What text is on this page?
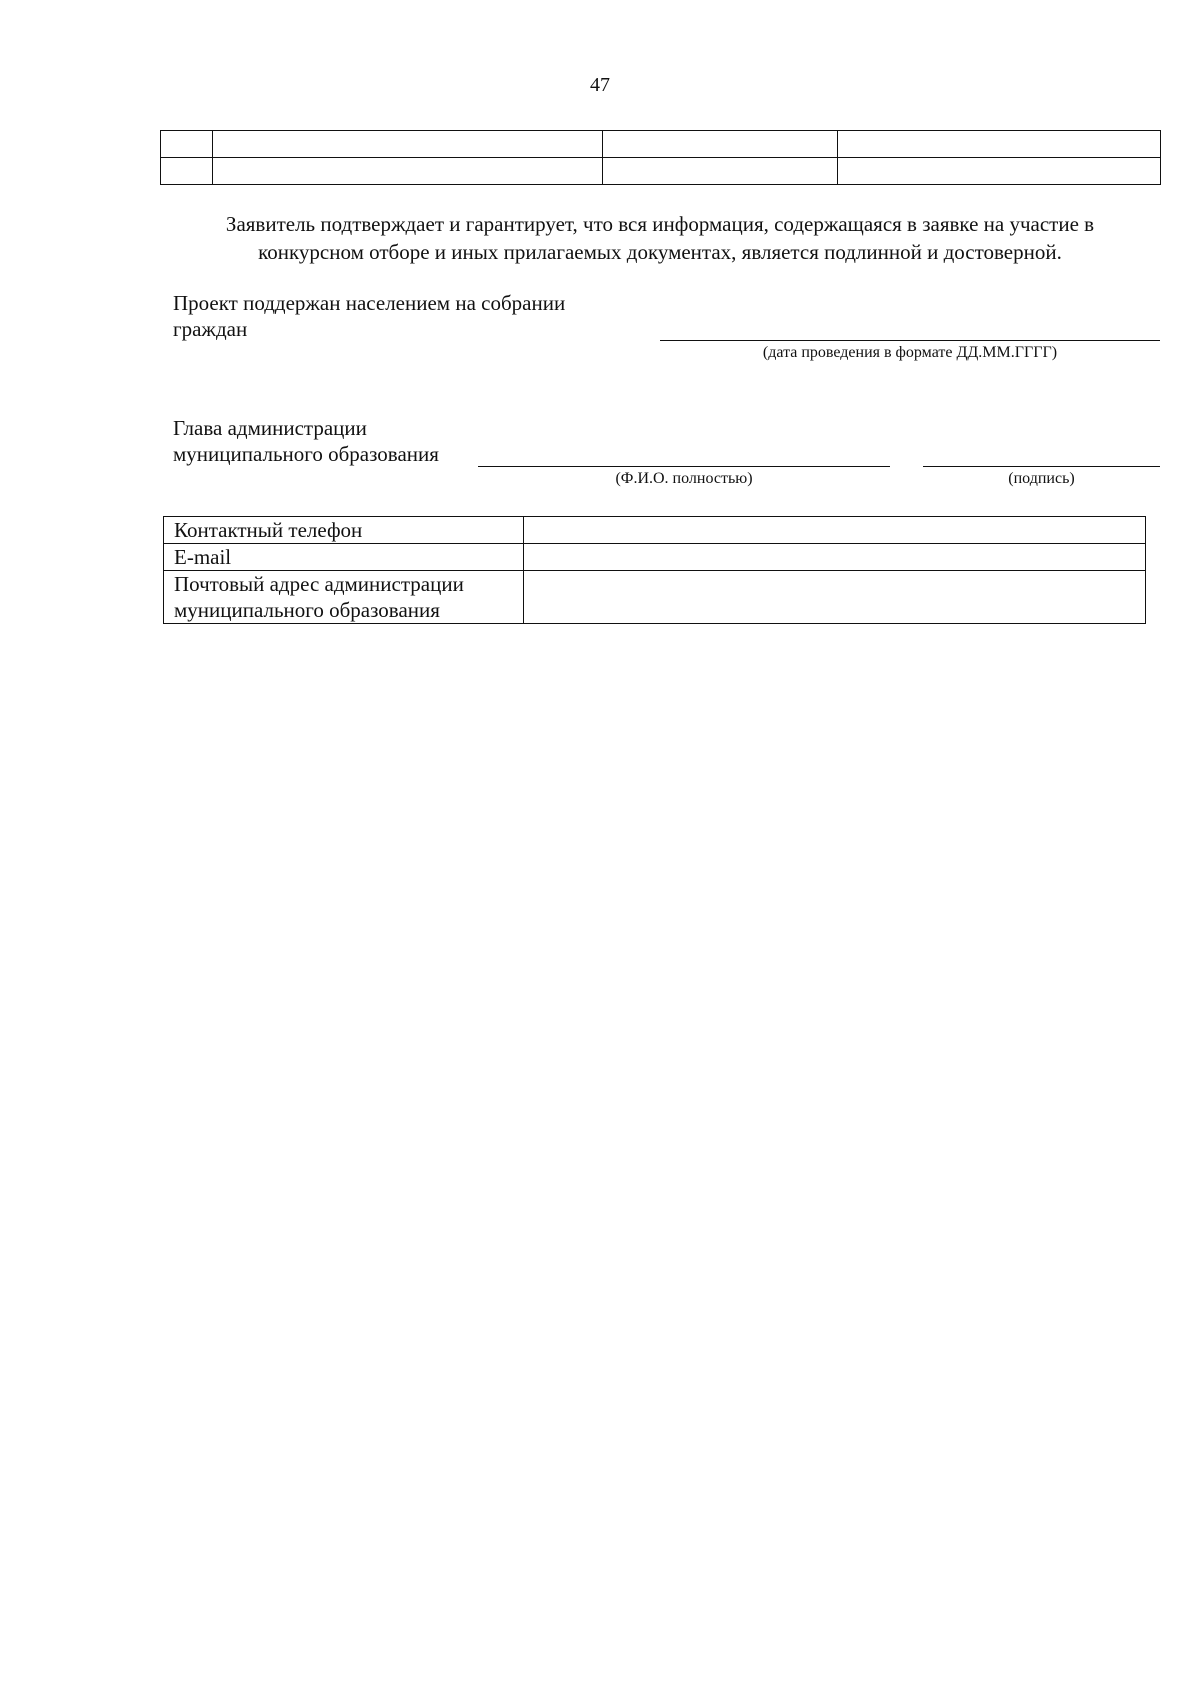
47

Заявитель подтверждает и гарантирует, что вся информация, содержащаяся в заявке на участие в
конкурсном отборе и иных прилагаемых документах, является подлинной и достоверной.
Проект поддержан населением на собрании
граждан
(дата проведения в формате ДД.ММ.ГГГГ)
Глава администрации
муниципального образования
(Ф.И.О. полностью)	(подпись)
Контактный телефон	
E-mail	

Почтовый адрес администрации
муниципального образования	
